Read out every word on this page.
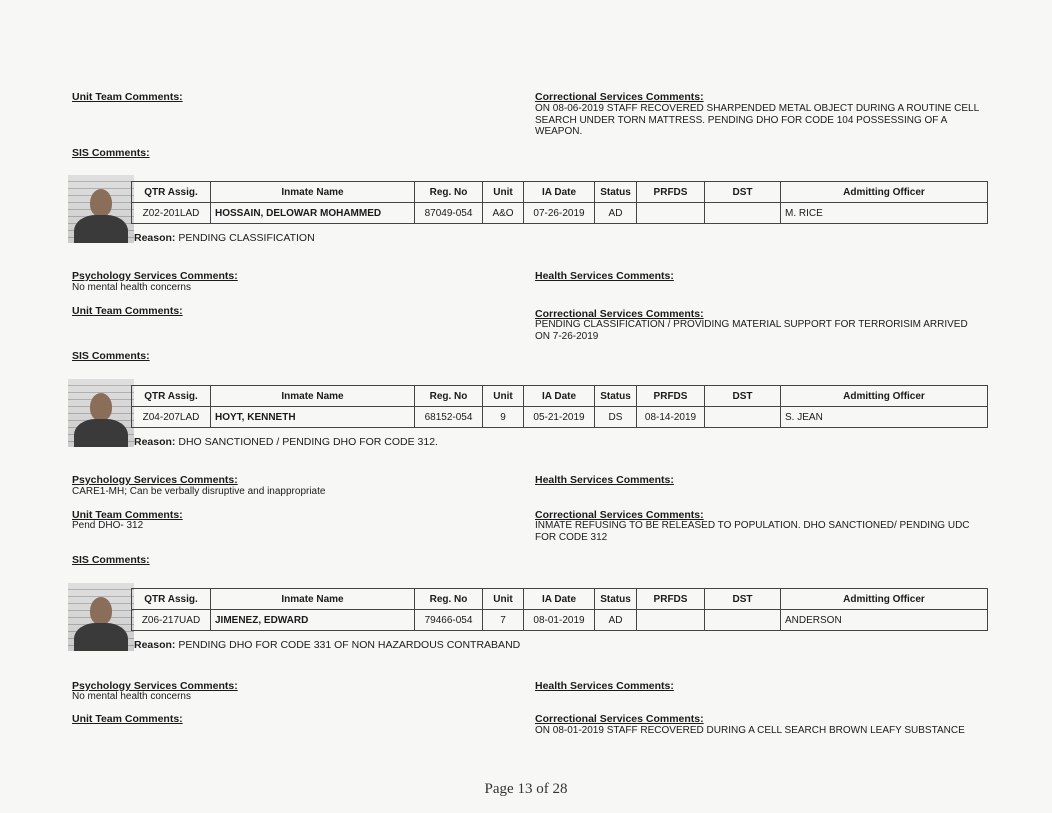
Unit Team Comments:
SIS Comments:
Correctional Services Comments:
ON 08-06-2019 STAFF RECOVERED SHARPENDED METAL OBJECT DURING A ROUTINE CELL SEARCH UNDER TORN MATTRESS. PENDING DHO FOR CODE 104 POSSESSING OF A WEAPON.
QTR Assig.	Inmate Name	Reg. No	Unit	IA Date	Status	PRFDS	DST	Admitting Officer
Z02-201LAD	HOSSAIN, DELOWAR MOHAMMED	87049-054	A&O	07-26-2019	AD			M. RICE
Reason: PENDING CLASSIFICATION
Psychology Services Comments:
No mental health concerns
Health Services Comments:
Unit Team Comments:	Correctional Services Comments:
PENDING CLASSIFICATION / PROVIDING MATERIAL SUPPORT FOR TERRORISIM ARRIVED ON 7-26-2019
SIS Comments:
QTR Assig.	Inmate Name	Reg. No	Unit	IA Date	Status	PRFDS	DST	Admitting Officer
Z04-207LAD	HOYT, KENNETH	68152-054	9	05-21-2019	DS	08-14-2019		S. JEAN
Reason: DHO SANCTIONED / PENDING DHO FOR CODE 312.
Psychology Services Comments:
CARE1-MH; Can be verbally disruptive and inappropriate
Health Services Comments:
Unit Team Comments:
Pend DHO- 312
Correctional Services Comments:
INMATE REFUSING TO BE RELEASED TO POPULATION. DHO SANCTIONED/ PENDING UDC FOR CODE 312
SIS Comments:
QTR Assig.	Inmate Name	Reg. No	Unit	IA Date	Status	PRFDS	DST	Admitting Officer
Z06-217UAD	JIMENEZ, EDWARD	79466-054	7	08-01-2019	AD			ANDERSON
Reason: PENDING DHO FOR CODE 331 OF NON HAZARDOUS CONTRABAND
Psychology Services Comments:
No mental health concerns
Health Services Comments:
Unit Team Comments:	Correctional Services Comments:
ON 08-01-2019 STAFF RECOVERED DURING A CELL SEARCH BROWN LEAFY SUBSTANCE
Page 13 of 28
